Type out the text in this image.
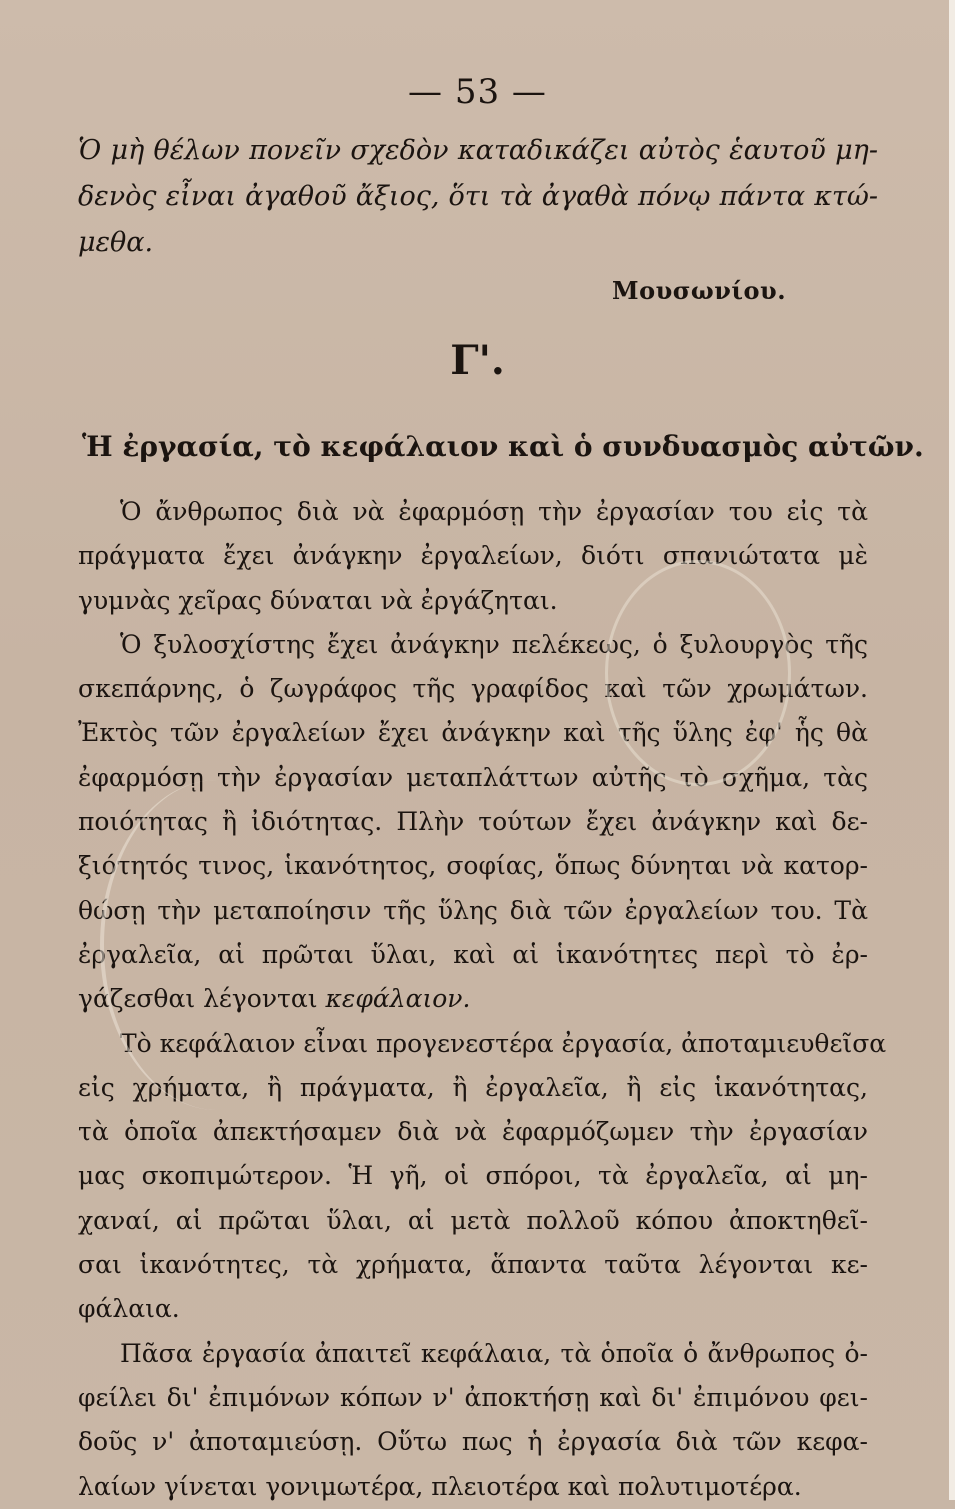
— 53 —
Ὁ μὴ θέλων πονεῖν σχεδὸν καταδικάζει αὐτὸς ἑαυτοῦ μη-
δενὸς εἶναι ἀγαθοῦ ἄξιος, ὅτι τὰ ἀγαθὰ πόνῳ πάντα κτώ-
μεθα.
Μουσωνίου.
Γ'.
Ἡ ἐργασία, τὸ κεφάλαιον καὶ ὁ συνδυασμὸς αὐτῶν.
Ὁ ἄνθρωπος διὰ νὰ ἐφαρμόσῃ τὴν ἐργασίαν του εἰς τὰ
πράγματα ἔχει ἀνάγκην ἐργαλείων, διότι σπανιώτατα μὲ
γυμνὰς χεῖρας δύναται νὰ ἐργάζηται.
Ὁ ξυλοσχίστης ἔχει ἀνάγκην πελέκεως, ὁ ξυλουργὸς τῆς
σκεπάρνης, ὁ ζωγράφος τῆς γραφίδος καὶ τῶν χρωμάτων.
Ἐκτὸς τῶν ἐργαλείων ἔχει ἀνάγκην καὶ τῆς ὕλης ἐφ' ἧς θὰ
ἐφαρμόσῃ τὴν ἐργασίαν μεταπλάττων αὐτῆς τὸ σχῆμα, τὰς
ποιότητας ἢ ἰδιότητας. Πλὴν τούτων ἔχει ἀνάγκην καὶ δε-
ξιότητός τινος, ἱκανότητος, σοφίας, ὅπως δύνηται νὰ κατορ-
θώσῃ τὴν μεταποίησιν τῆς ὕλης διὰ τῶν ἐργαλείων του. Τὰ
ἐργαλεῖα, αἱ πρῶται ὕλαι, καὶ αἱ ἱκανότητες περὶ τὸ ἐρ-
γάζεσθαι λέγονται κεφάλαιον.
Τὸ κεφάλαιον εἶναι προγενεστέρα ἐργασία, ἀποταμιευθεῖσα
εἰς χρήματα, ἢ πράγματα, ἢ ἐργαλεῖα, ἢ εἰς ἱκανότητας,
τὰ ὁποῖα ἀπεκτήσαμεν διὰ νὰ ἐφαρμόζωμεν τὴν ἐργασίαν
μας σκοπιμώτερον. Ἡ γῆ, οἱ σπόροι, τὰ ἐργαλεῖα, αἱ μη-
χαναί, αἱ πρῶται ὕλαι, αἱ μετὰ πολλοῦ κόπου ἀποκτηθεῖ-
σαι ἱκανότητες, τὰ χρήματα, ἅπαντα ταῦτα λέγονται κε-
φάλαια.
Πᾶσα ἐργασία ἀπαιτεῖ κεφάλαια, τὰ ὁποῖα ὁ ἄνθρωπος ὀ-
φείλει δι' ἐπιμόνων κόπων ν' ἀποκτήσῃ καὶ δι' ἐπιμόνου φει-
δοῦς ν' ἀποταμιεύσῃ. Οὕτω πως ἡ ἐργασία διὰ τῶν κεφα-
λαίων γίνεται γονιμωτέρα, πλειοτέρα καὶ πολυτιμοτέρα.
